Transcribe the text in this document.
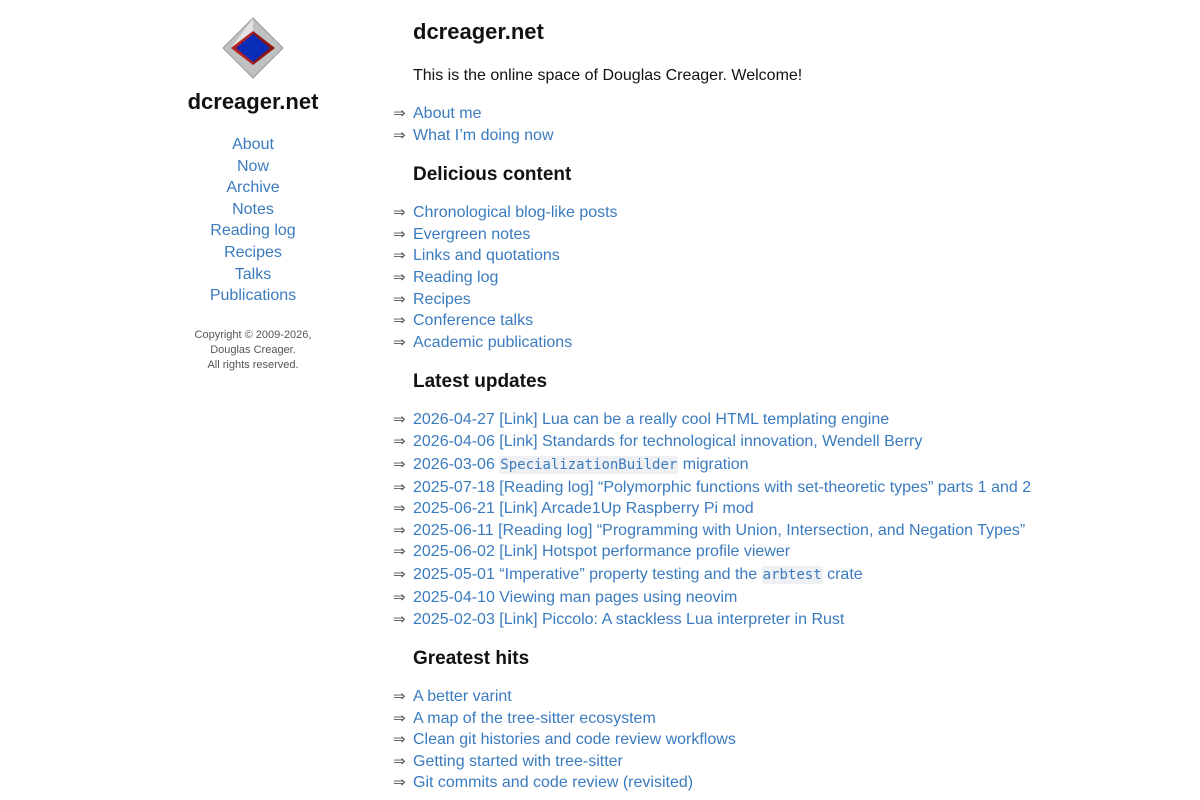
dcreager.net
About
Now
Archive
Notes
Reading log
Recipes
Talks
Publications
Copyright © 2009-2026,
Douglas Creager.
All rights reserved.
dcreager.net

This is the online space of Douglas Creager. Welcome!

⇒ About me
⇒ What I’m doing now
Delicious content
⇒ Chronological blog-like posts
⇒ Evergreen notes
⇒ Links and quotations
⇒ Reading log
⇒ Recipes
⇒ Conference talks
⇒ Academic publications
Latest updates
⇒ 2026-04-27 [Link] Lua can be a really cool HTML templating engine
⇒ 2026-04-06 [Link] Standards for technological innovation, Wendell Berry
⇒ 2026-03-06 SpecializationBuilder migration
⇒ 2025-07-18 [Reading log] “Polymorphic functions with set-theoretic types” parts 1 and 2
⇒ 2025-06-21 [Link] Arcade1Up Raspberry Pi mod
⇒ 2025-06-11 [Reading log] “Programming with Union, Intersection, and Negation Types”
⇒ 2025-06-02 [Link] Hotspot performance profile viewer
⇒ 2025-05-01 “Imperative” property testing and the arbtest crate
⇒ 2025-04-10 Viewing man pages using neovim
⇒ 2025-02-03 [Link] Piccolo: A stackless Lua interpreter in Rust
Greatest hits
⇒ A better varint
⇒ A map of the tree-sitter ecosystem
⇒ Clean git histories and code review workflows
⇒ Getting started with tree-sitter
⇒ Git commits and code review (revisited)
